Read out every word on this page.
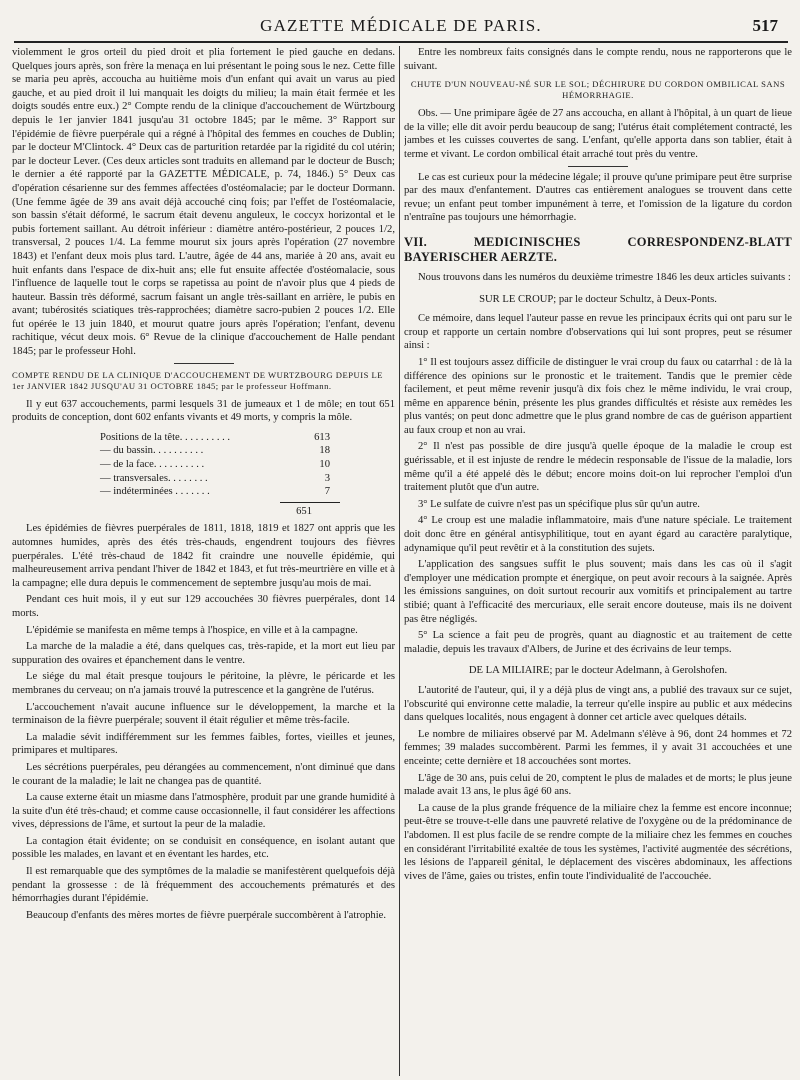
GAZETTE MÉDICALE DE PARIS.	517

violemment le gros orteil du pied droit et plia fortement le pied gauche en dedans. Quelques jours après, son frère la menaça en lui présentant le poing sous le nez. Cette fille se maria peu après, accoucha au huitième mois d'un enfant qui avait un varus au pied gauche, et au pied droit il lui manquait les doigts du milieu; la main était fermée et les doigts soudés entre eux.) 2° Compte rendu de la clinique d'accouchement de Würtzbourg depuis le 1er janvier 1841 jusqu'au 31 octobre 1845; par le même. 3° Rapport sur l'épidémie de fièvre puerpérale qui a régné à l'hôpital des femmes en couches de Dublin; par le docteur M'Clintock. 4° Deux cas de parturition retardée par la rigidité du col utérin; par le docteur Lever. (Ces deux articles sont traduits en allemand par le docteur de Busch; le dernier a été rapporté par la GAZETTE MÉDICALE, p. 74, 1846.) 5° Deux cas d'opération césarienne sur des femmes affectées d'ostéomalacie; par le docteur Dormann. (Une femme âgée de 39 ans avait déjà accouché cinq fois; par l'effet de l'ostéomalacie, son bassin s'était déformé, le sacrum était devenu anguleux, le coccyx horizontal et le pubis fortement saillant. Au détroit inférieur : diamètre antéro-postérieur, 2 pouces 1/2, transversal, 2 pouces 1/4. La femme mourut six jours après l'opération (27 novembre 1843) et l'enfant deux mois plus tard. L'autre, âgée de 44 ans, mariée à 20 ans, avait eu huit enfants dans l'espace de dix-huit ans; elle fut ensuite affectée d'ostéomalacie, sous l'influence de laquelle tout le corps se rapetissa au point de n'avoir plus que 4 pieds de hauteur. Bassin très déformé, sacrum faisant un angle très-saillant en arrière, le pubis en avant; tubérosités sciatiques très-rapprochées; diamètre sacro-pubien 2 pouces 1/2. Elle fut opérée le 13 juin 1840, et mourut quatre jours après l'opération; l'enfant, devenu rachitique, vécut deux mois. 6° Revue de la clinique d'accouchement de Halle pendant 1845; par le professeur Hohl.

COMPTE RENDU DE LA CLINIQUE D'ACCOUCHEMENT DE WURTZBOURG DEPUIS LE 1er JANVIER 1842 JUSQU'AU 31 OCTOBRE 1845; par le professeur Hoffmann.

Il y eut 637 accouchements, parmi lesquels 31 de jumeaux et 1 de môle; en tout 651 produits de conception, dont 602 enfants vivants et 49 morts, y compris la môle.

Positions de la tête. . . . . . . . . .	613
— du bassin. . . . . . . . . .	18
— de la face. . . . . . . . . .	10
— transversales. . . . . . . .	3
— indéterminées . . . . . . .	7
651

Les épidémies de fièvres puerpérales de 1811, 1818, 1819 et 1827 ont appris que les automnes humides, après des étés très-chauds, engendrent toujours des fièvres puerpérales. L'été très-chaud de 1842 fit craindre une nouvelle épidémie, qui malheureusement arriva pendant l'hiver de 1842 et 1843, et fut très-meurtrière en ville et à la campagne; elle dura depuis le commencement de septembre jusqu'au mois de mai.

Pendant ces huit mois, il y eut sur 129 accouchées 30 fièvres puerpérales, dont 14 morts.

L'épidémie se manifesta en même temps à l'hospice, en ville et à la campagne.

La marche de la maladie a été, dans quelques cas, très-rapide, et la mort eut lieu par suppuration des ovaires et épanchement dans le ventre.

Le siége du mal était presque toujours le péritoine, la plèvre, le péricarde et les membranes du cerveau; on n'a jamais trouvé la putrescence et la gangrène de l'utérus.

L'accouchement n'avait aucune influence sur le développement, la marche et la terminaison de la fièvre puerpérale; souvent il était régulier et même très-facile.

La maladie sévit indifféremment sur les femmes faibles, fortes, vieilles et jeunes, primipares et multipares.

Les sécrétions puerpérales, peu dérangées au commencement, n'ont diminué que dans le courant de la maladie; le lait ne changea pas de quantité.

La cause externe était un miasme dans l'atmosphère, produit par une grande humidité à la suite d'un été très-chaud; et comme cause occasionnelle, il faut considérer les affections vives, dépressions de l'âme, et surtout la peur de la maladie.

La contagion était évidente; on se conduisit en conséquence, en isolant autant que possible les malades, en lavant et en éventant les hardes, etc.

Il est remarquable que des symptômes de la maladie se manifestèrent quelquefois déjà pendant la grossesse : de là fréquemment des accouchements prématurés et des hémorrhagies durant l'épidémie.

Beaucoup d'enfants des mères mortes de fièvre puerpérale succombèrent à l'atrophie.

Entre les nombreux faits consignés dans le compte rendu, nous ne rapporterons que le suivant.

CHUTE D'UN NOUVEAU-NÉ SUR LE SOL; DÉCHIRURE DU CORDON OMBILICAL SANS HÉMORRHAGIE.

Obs. — Une primipare âgée de 27 ans accoucha, en allant à l'hôpital, à un quart de lieue de la ville; elle dit avoir perdu beaucoup de sang; l'utérus était complétement contracté, les jambes et les cuisses couvertes de sang. L'enfant, qu'elle apporta dans son tablier, était à terme et vivant. Le cordon ombilical était arraché tout près du ventre.

Le cas est curieux pour la médecine légale; il prouve qu'une primipare peut être surprise par des maux d'enfantement. D'autres cas entièrement analogues se trouvent dans cette revue; un enfant peut tomber impunément à terre, et l'omission de la ligature du cordon n'entraîne pas toujours une hémorrhagie.

VII. MEDICINISCHES CORRESPONDENZ-BLATT BAYERISCHER AERZTE.

Nous trouvons dans les numéros du deuxième trimestre 1846 les deux articles suivants :

SUR LE CROUP; par le docteur Schultz, à Deux-Ponts.

Ce mémoire, dans lequel l'auteur passe en revue les principaux écrits qui ont paru sur le croup et rapporte un certain nombre d'observations qui lui sont propres, peut se résumer ainsi :

1° Il est toujours assez difficile de distinguer le vrai croup du faux ou catarrhal : de là la différence des opinions sur le pronostic et le traitement. Tandis que le premier cède facilement, et peut même revenir jusqu'à dix fois chez le même individu, le vrai croup, même en apparence bénin, présente les plus grandes difficultés et résiste aux remèdes les plus vantés; on peut donc admettre que le plus grand nombre de cas de guérison appartient au faux croup et non au vrai.

2° Il n'est pas possible de dire jusqu'à quelle époque de la maladie le croup est guérissable, et il est injuste de rendre le médecin responsable de l'issue de la maladie, lors même qu'il a été appelé dès le début; encore moins doit-on lui reprocher l'emploi d'un traitement plutôt que d'un autre.

3° Le sulfate de cuivre n'est pas un spécifique plus sûr qu'un autre.

4° Le croup est une maladie inflammatoire, mais d'une nature spéciale. Le traitement doit donc être en général antisyphilitique, tout en ayant égard au caractère paralytique, adynamique qu'il peut revêtir et à la constitution des sujets.

L'application des sangsues suffit le plus souvent; mais dans les cas où il s'agit d'employer une médication prompte et énergique, on peut avoir recours à la saignée. Après les émissions sanguines, on doit surtout recourir aux vomitifs et principalement au tartre stibié; quant à l'efficacité des mercuriaux, elle serait encore douteuse, mais ils ne doivent pas être négligés.

5° La science a fait peu de progrès, quant au diagnostic et au traitement de cette maladie, depuis les travaux d'Albers, de Jurine et des écrivains de leur temps.

DE LA MILIAIRE; par le docteur Adelmann, à Gerolshofen.

L'autorité de l'auteur, qui, il y a déjà plus de vingt ans, a publié des travaux sur ce sujet, l'obscurité qui environne cette maladie, la terreur qu'elle inspire au public et aux médecins dans quelques localités, nous engagent à donner cet article avec quelques détails.

Le nombre de miliaires observé par M. Adelmann s'élève à 96, dont 24 hommes et 72 femmes; 39 malades succombèrent. Parmi les femmes, il y avait 31 accouchées et une enceinte; cette dernière et 18 accouchées sont mortes.

L'âge de 30 ans, puis celui de 20, comptent le plus de malades et de morts; le plus jeune malade avait 13 ans, le plus âgé 60 ans.

La cause de la plus grande fréquence de la miliaire chez la femme est encore inconnue; peut-être se trouve-t-elle dans une pauvreté relative de l'oxygène ou de la prédominance de l'abdomen. Il est plus facile de se rendre compte de la miliaire chez les femmes en couches en considérant l'irritabilité exaltée de tous les systèmes, l'activité augmentée des sécrétions, les lésions de l'appareil génital, le déplacement des viscères abdominaux, les affections vives de l'âme, gaies ou tristes, enfin toute l'individualité de l'accouchée.
